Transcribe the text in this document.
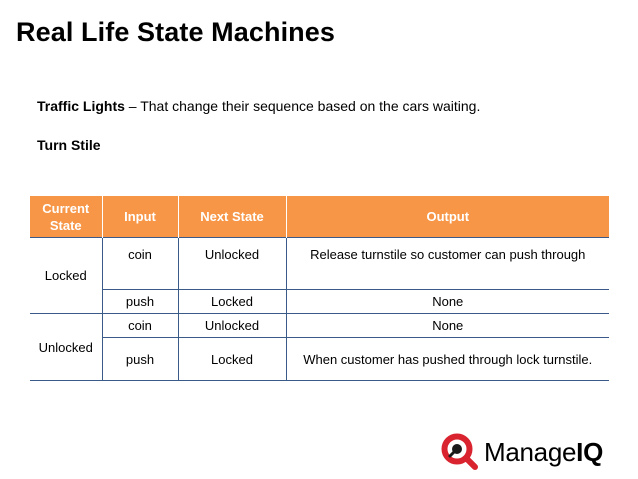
Real Life State Machines
Traffic Lights – That change their sequence based on the cars waiting.
Turn Stile
Current State	Input	Next State	Output
Locked	coin	Unlocked	Release turnstile so customer can push through
	push	Locked	None
Unlocked	coin	Unlocked	None
	push	Locked	When customer has pushed through lock turnstile.
ManageIQ
